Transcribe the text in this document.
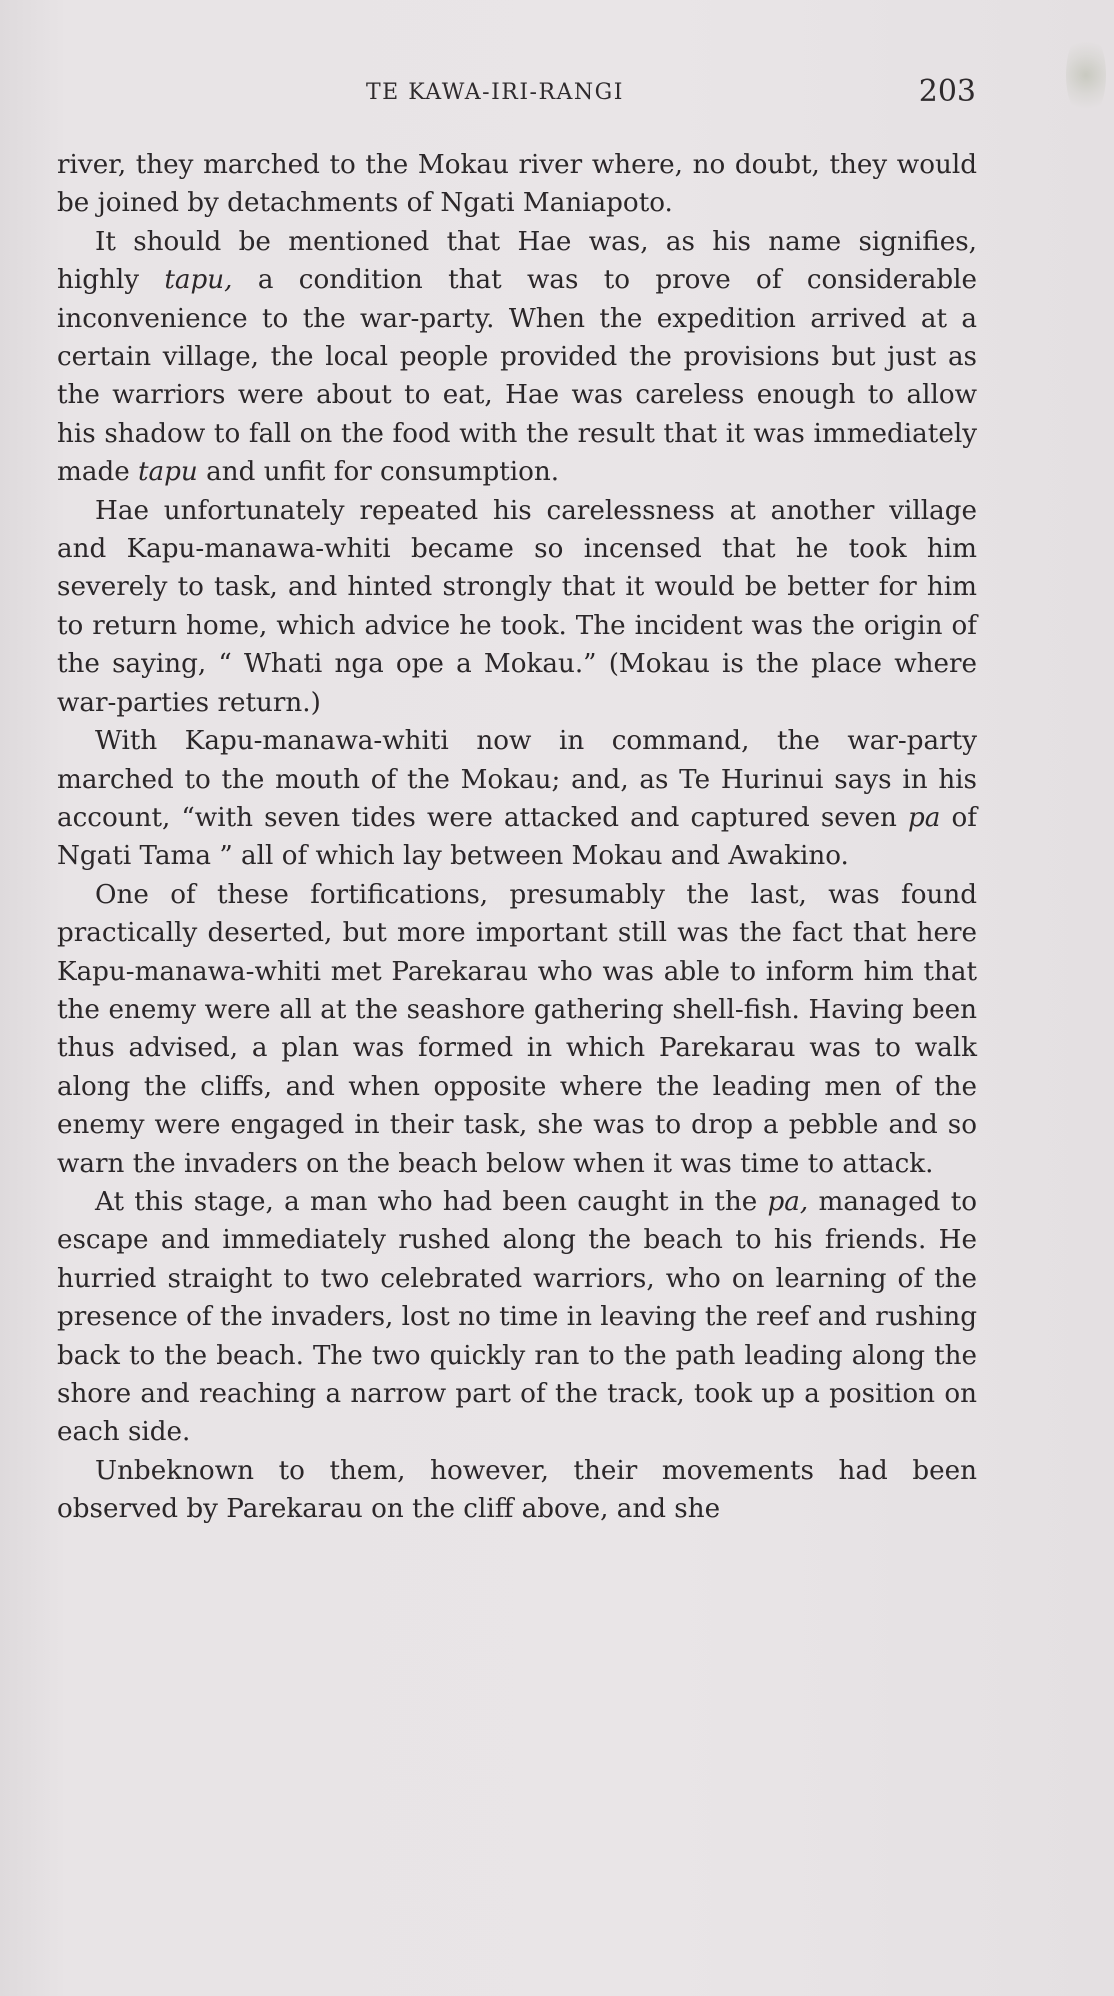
TE KAWA-IRI-RANGI	203

river, they marched to the Mokau river where, no doubt, they would be joined by detachments of Ngati Maniapoto.

It should be mentioned that Hae was, as his name signifies, highly tapu, a condition that was to prove of considerable inconvenience to the war-party. When the expedition arrived at a certain village, the local people provided the provisions but just as the warriors were about to eat, Hae was careless enough to allow his shadow to fall on the food with the result that it was immediately made tapu and unfit for consumption.

Hae unfortunately repeated his carelessness at another village and Kapu-manawa-whiti became so incensed that he took him severely to task, and hinted strongly that it would be better for him to return home, which advice he took. The incident was the origin of the saying, “ Whati nga ope a Mokau.” (Mokau is the place where war-parties return.)

With Kapu-manawa-whiti now in command, the war-party marched to the mouth of the Mokau; and, as Te Hurinui says in his account, “with seven tides were attacked and captured seven pa of Ngati Tama ” all of which lay between Mokau and Awakino.

One of these fortifications, presumably the last, was found practically deserted, but more important still was the fact that here Kapu-manawa-whiti met Parekarau who was able to inform him that the enemy were all at the seashore gathering shell-fish. Having been thus advised, a plan was formed in which Parekarau was to walk along the cliffs, and when opposite where the leading men of the enemy were engaged in their task, she was to drop a pebble and so warn the invaders on the beach below when it was time to attack.

At this stage, a man who had been caught in the pa, managed to escape and immediately rushed along the beach to his friends. He hurried straight to two celebrated warriors, who on learning of the presence of the invaders, lost no time in leaving the reef and rushing back to the beach. The two quickly ran to the path leading along the shore and reaching a narrow part of the track, took up a position on each side.

Unbeknown to them, however, their movements had been observed by Parekarau on the cliff above, and she
